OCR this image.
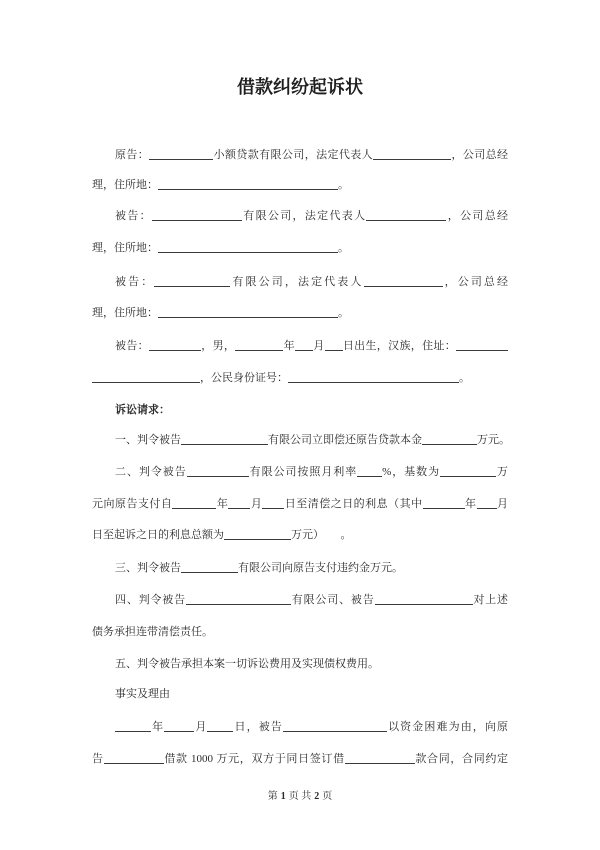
借款纠纷起诉状
原告：	小额贷款有限公司，法定代表人	，公司总经
理，住所地：	。
被告：	有限公司，法定代表人	，公司总经
理，住所地：	。
被告：	有限公司，法定代表人	，公司总经
理，住所地：	。
被告：	，男，	年 月 日出生，汉族，住址：
，公民身份证号：	。
诉讼请求：
一、判令被告	有限公司立即偿还原告贷款本金	万元。
二、判令被告	有限公司按照月利率 %，基数为	万
元向原告支付自	年 月 日至清偿之日的利息（其中	年 月
日至起诉之日的利息总额为	万元） 。
三、判令被告	有限公司向原告支付违约金万元。
四、判令被告	有限公司、被告	对上述
债务承担连带清偿责任。
五、判令被告承担本案一切诉讼费用及实现债权费用。
事实及理由
年	月 日，被告	以资金困难为由，向原
告	借款 1000 万元，双方于同日签订借	款合同，合同约定
第 1 页 共 2 页
